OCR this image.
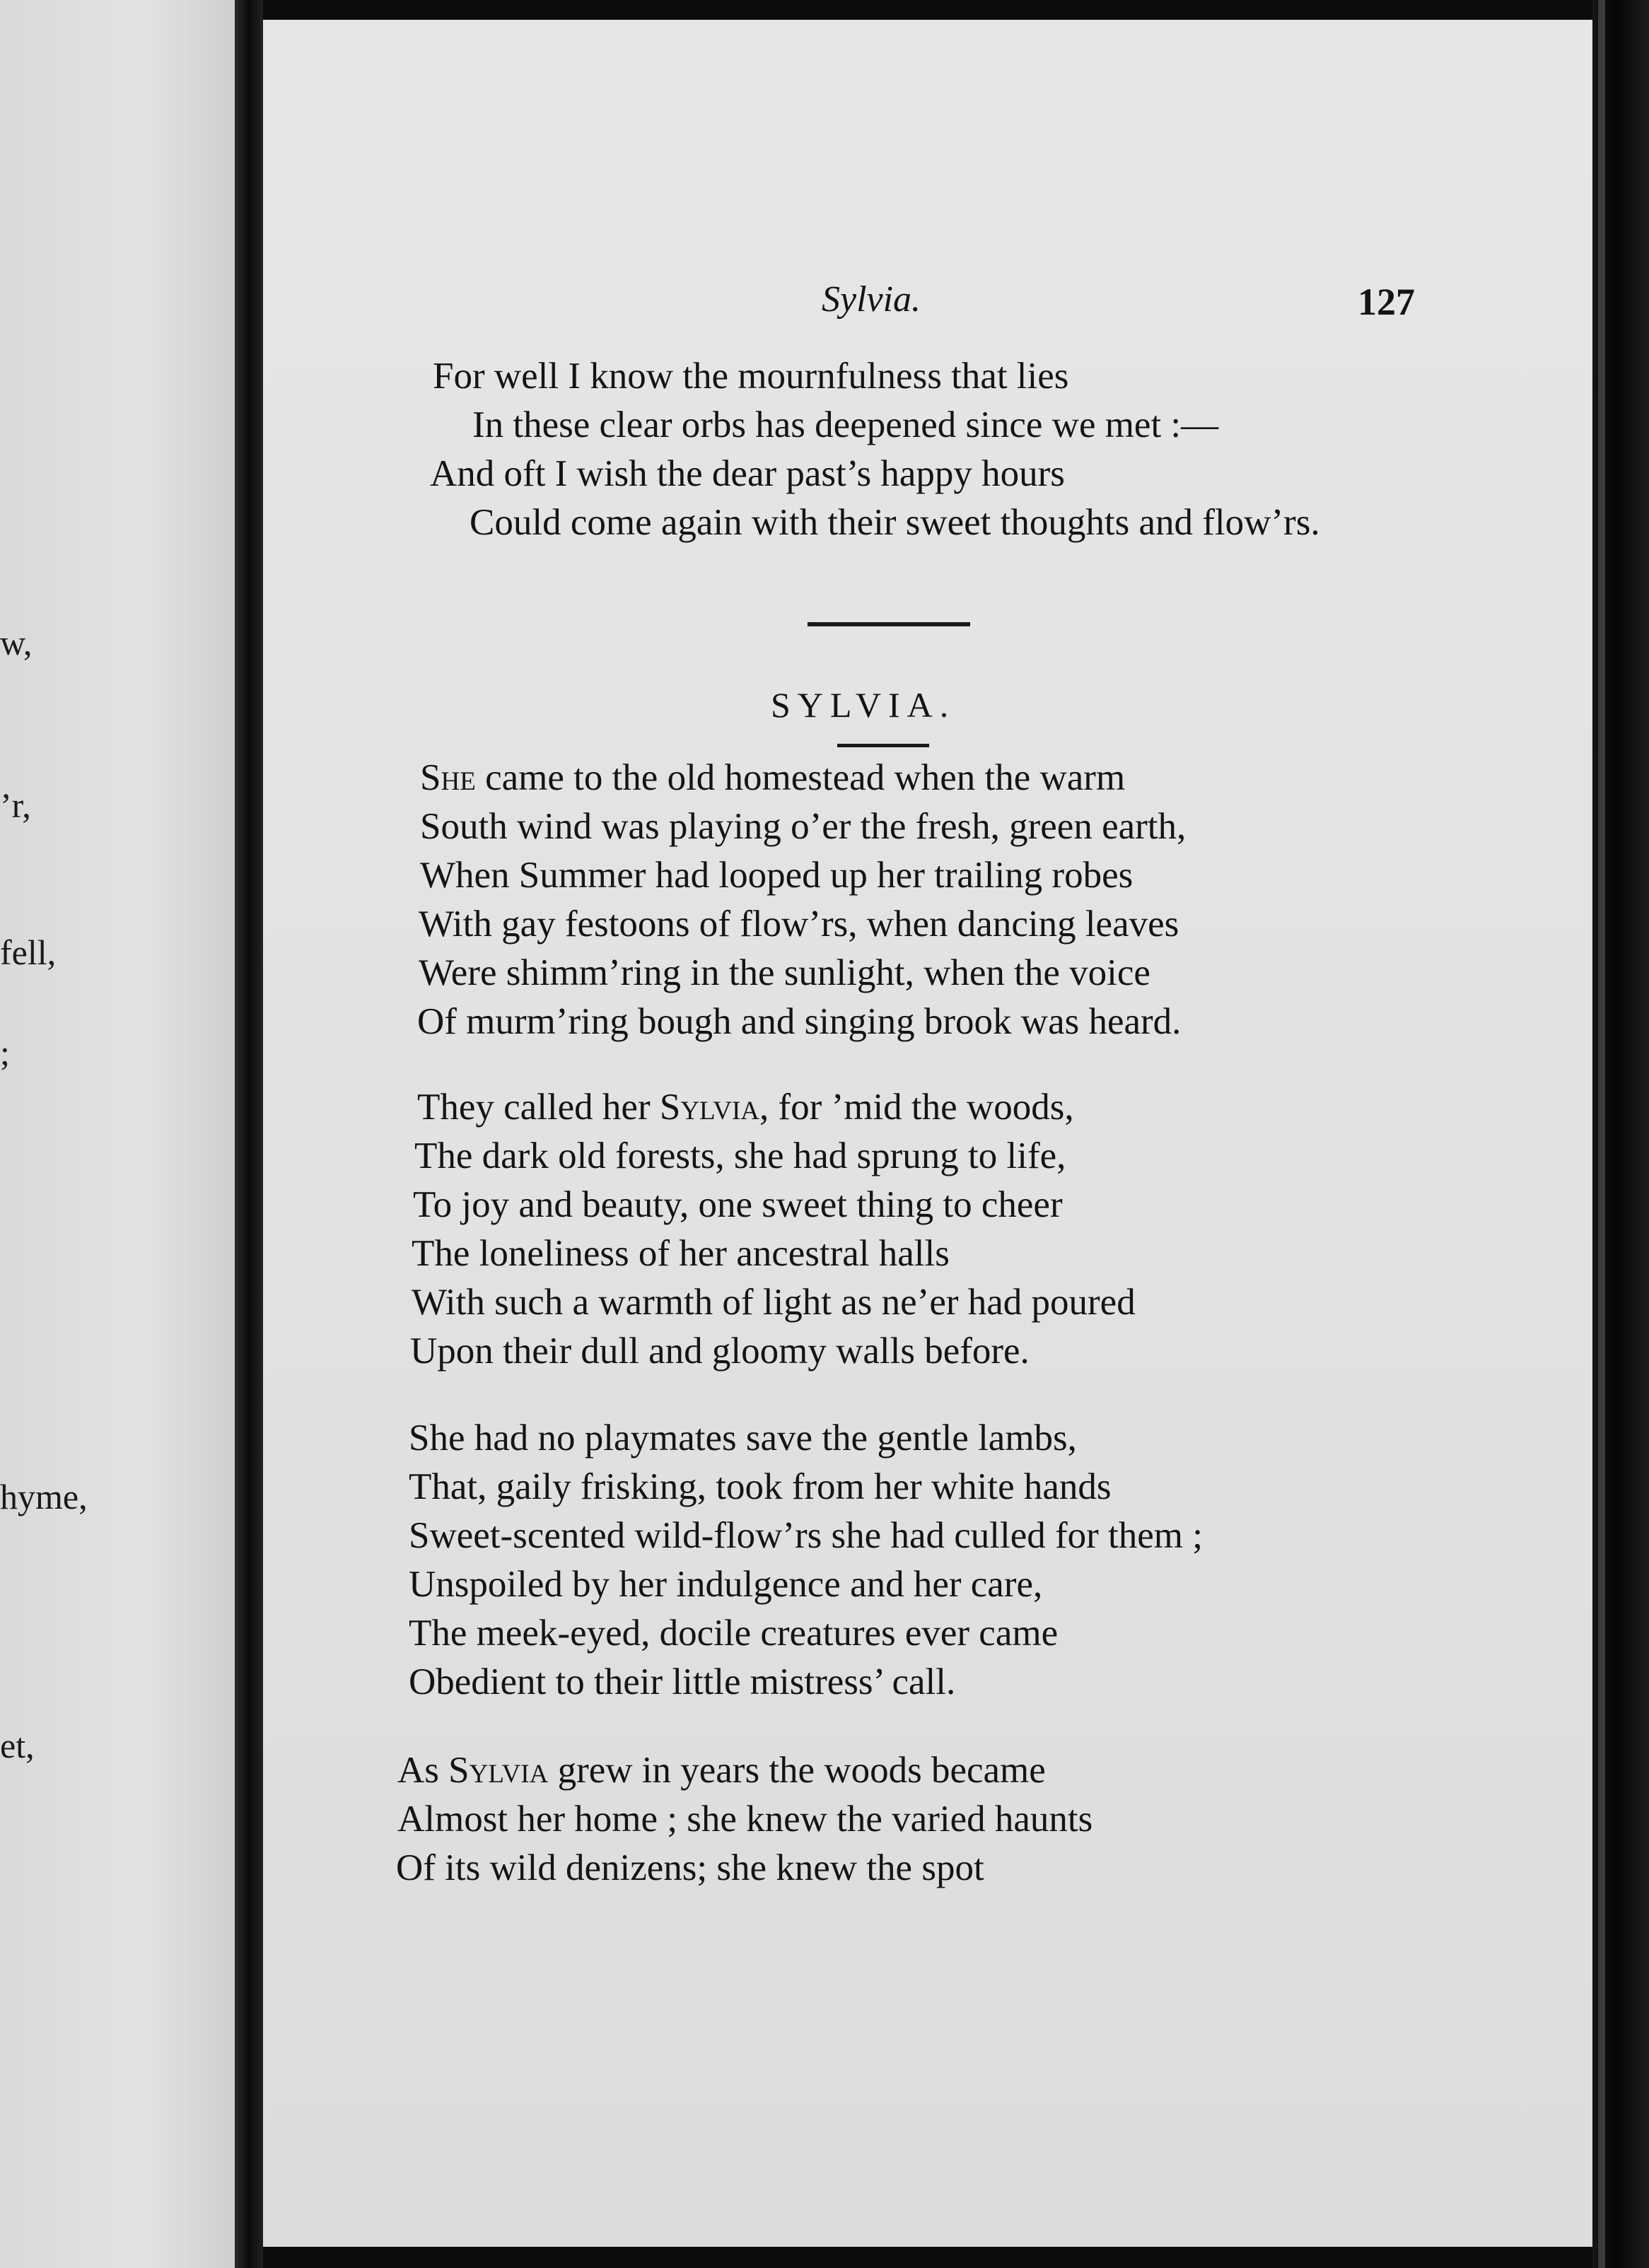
w,
’r,
fell,
;
hyme,
et,
Sylvia.	127
For well I know the mournfulness that lies
In these clear orbs has deepened since we met :—
And oft I wish the dear past’s happy hours
Could come again with their sweet thoughts and flow’rs.
SYLVIA.
She came to the old homestead when the warm
South wind was playing o’er the fresh, green earth,
When Summer had looped up her trailing robes
With gay festoons of flow’rs, when dancing leaves
Were shimm’ring in the sunlight, when the voice
Of murm’ring bough and singing brook was heard.
They called her Sylvia, for ’mid the woods,
The dark old forests, she had sprung to life,
To joy and beauty, one sweet thing to cheer
The loneliness of her ancestral halls
With such a warmth of light as ne’er had poured
Upon their dull and gloomy walls before.
She had no playmates save the gentle lambs,
That, gaily frisking, took from her white hands
Sweet-scented wild-flow’rs she had culled for them ;
Unspoiled by her indulgence and her care,
The meek-eyed, docile creatures ever came
Obedient to their little mistress’ call.
As Sylvia grew in years the woods became
Almost her home ; she knew the varied haunts
Of its wild denizens; she knew the spot
